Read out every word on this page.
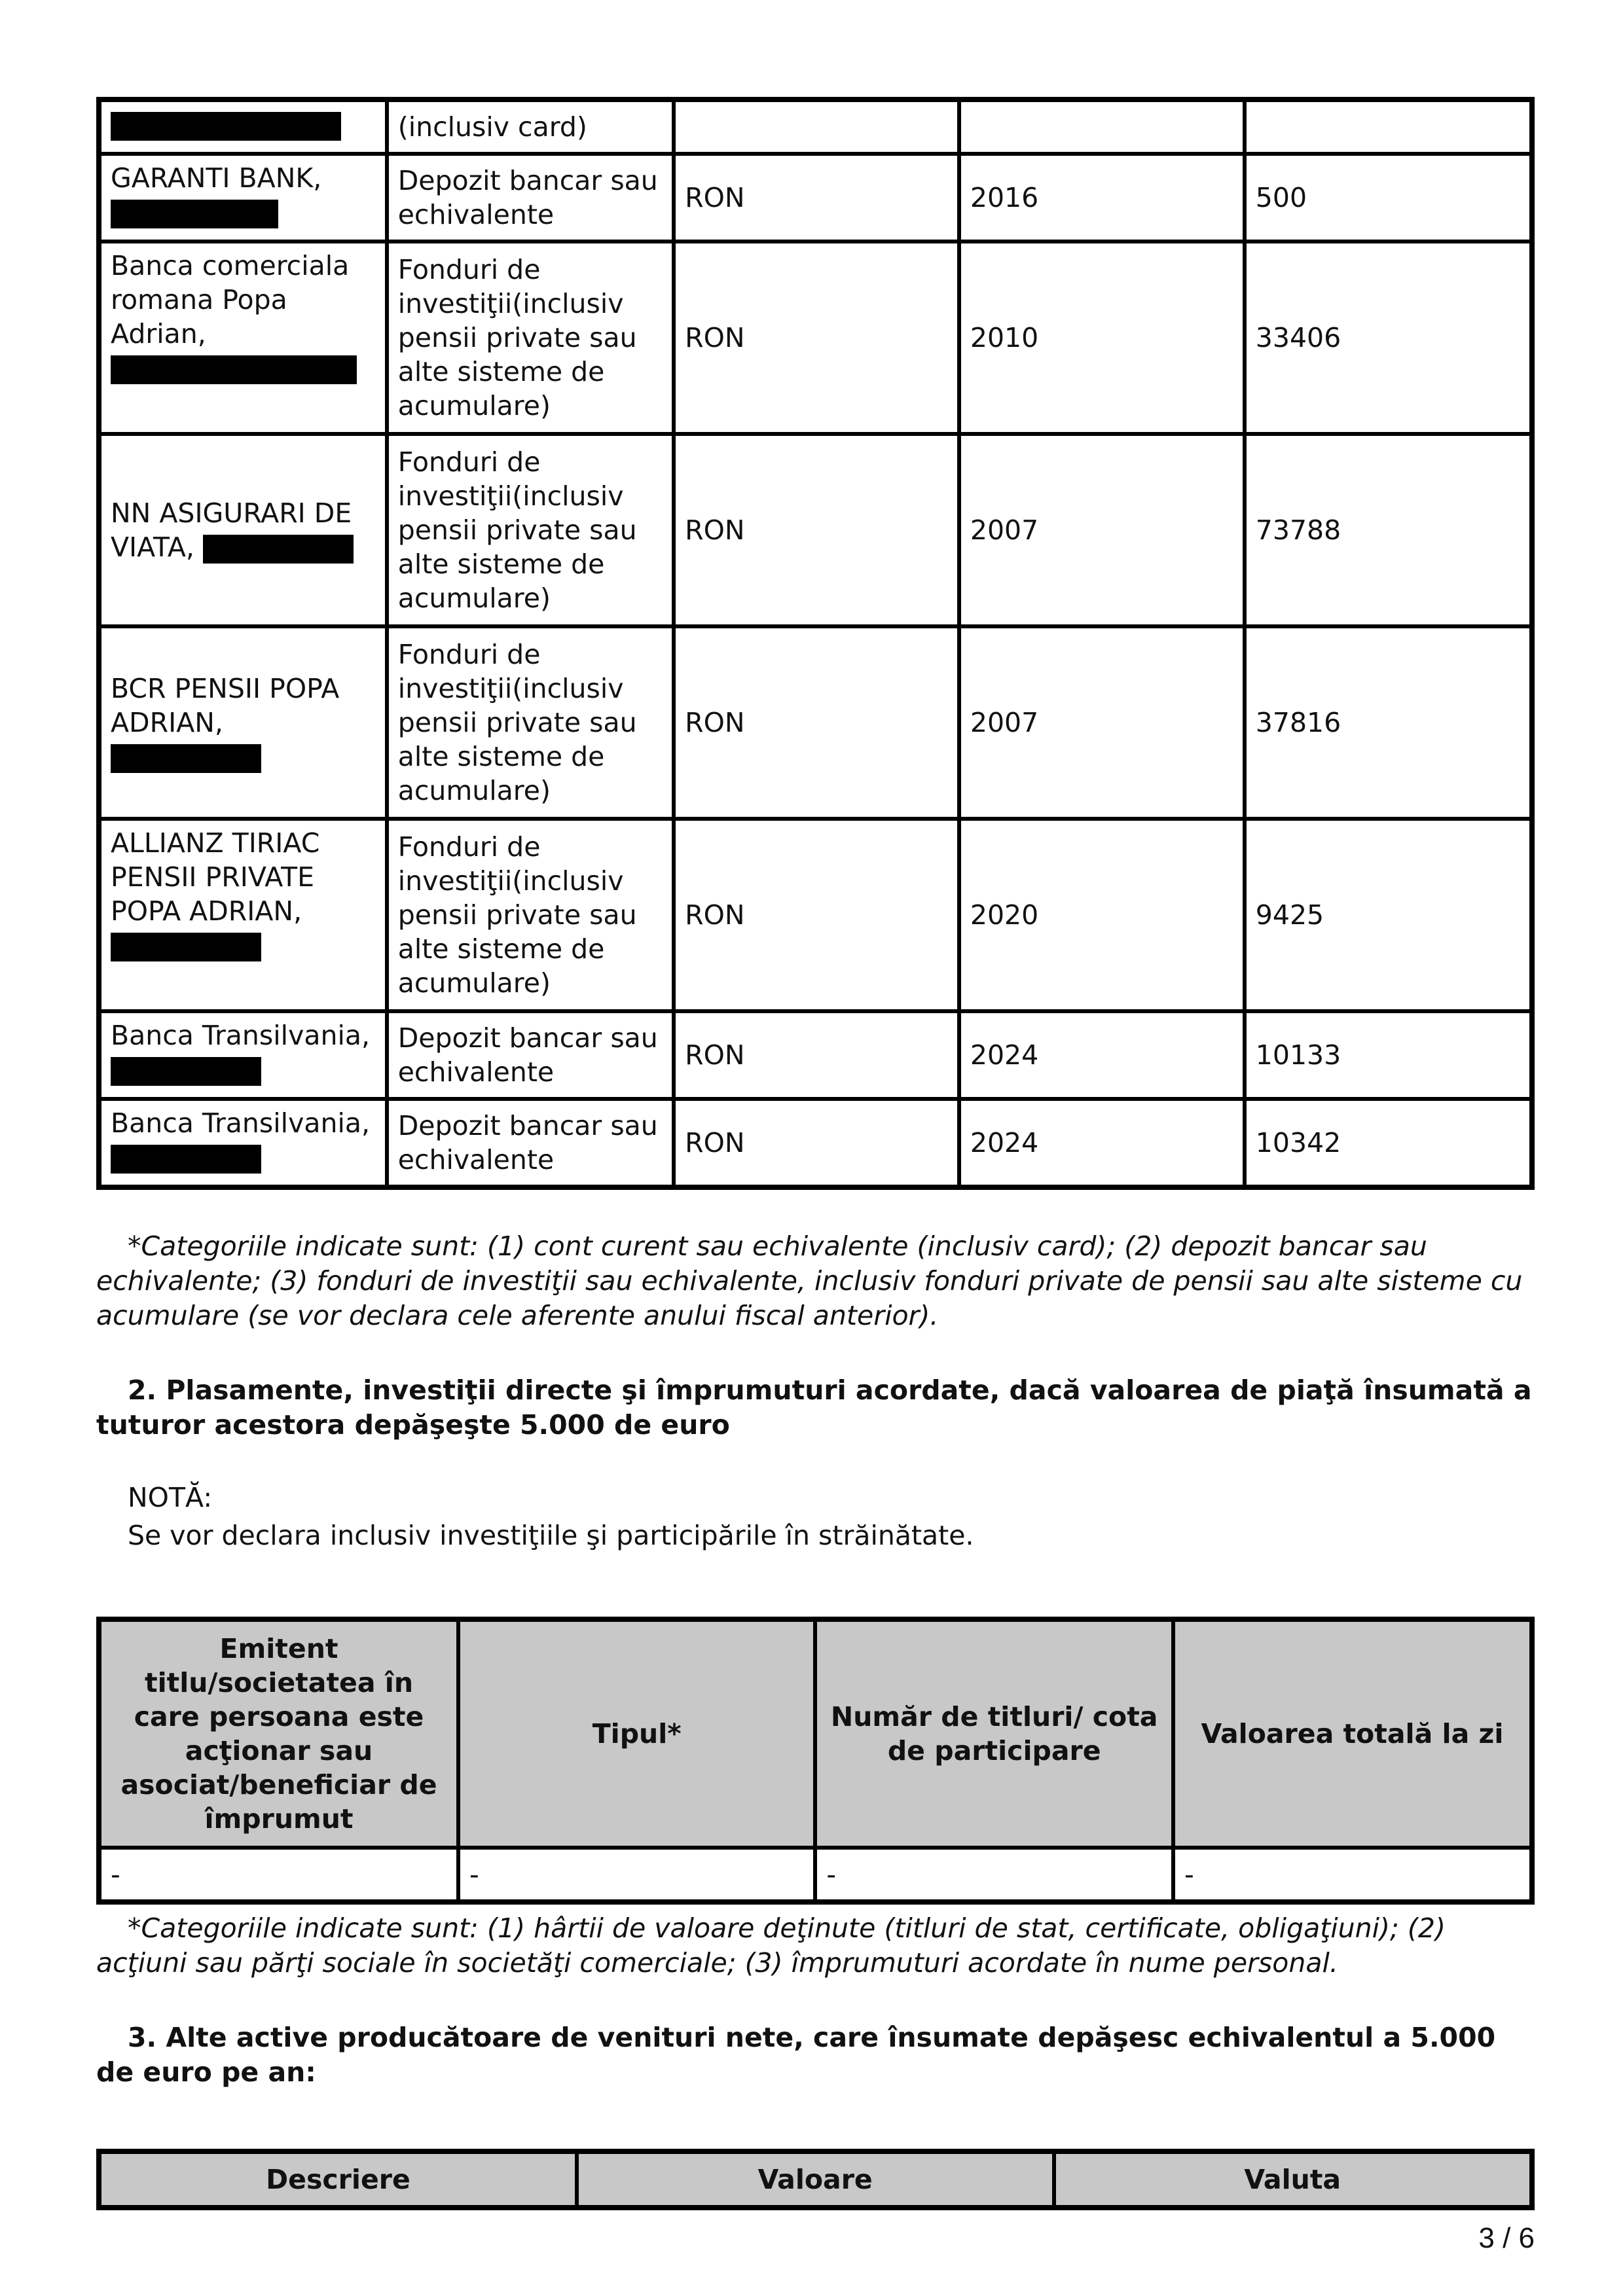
	(inclusiv card)			
GARANTI BANK,	Depozit bancar sau echivalente	RON	2016	500
Banca comerciala romana Popa Adrian,	Fonduri de investiţii(inclusiv pensii private sau alte sisteme de acumulare)	RON	2010	33406
NN ASIGURARI DE VIATA,	Fonduri de investiţii(inclusiv pensii private sau alte sisteme de acumulare)	RON	2007	73788
BCR PENSII POPA ADRIAN,	Fonduri de investiţii(inclusiv pensii private sau alte sisteme de acumulare)	RON	2007	37816
ALLIANZ TIRIAC PENSII PRIVATE POPA ADRIAN,	Fonduri de investiţii(inclusiv pensii private sau alte sisteme de acumulare)	RON	2020	9425
Banca Transilvania,	Depozit bancar sau echivalente	RON	2024	10133
Banca Transilvania,	Depozit bancar sau echivalente	RON	2024	10342
*Categoriile indicate sunt: (1) cont curent sau echivalente (inclusiv card); (2) depozit bancar sau echivalente; (3) fonduri de investiţii sau echivalente, inclusiv fonduri private de pensii sau alte sisteme cu acumulare (se vor declara cele aferente anului fiscal anterior).
2. Plasamente, investiţii directe şi împrumuturi acordate, dacă valoarea de piaţă însumată a tuturor acestora depăşeşte 5.000 de euro
NOTĂ:
Se vor declara inclusiv investiţiile şi participările în străinătate.
Emitent titlu/societatea în care persoana este acţionar sau asociat/beneficiar de împrumut	Tipul*	Număr de titluri/ cota de participare	Valoarea totală la zi
-	-	-	-
*Categoriile indicate sunt: (1) hârtii de valoare deţinute (titluri de stat, certificate, obligaţiuni); (2) acţiuni sau părţi sociale în societăţi comerciale; (3) împrumuturi acordate în nume personal.
3. Alte active producătoare de venituri nete, care însumate depăşesc echivalentul a 5.000 de euro pe an:
Descriere	Valoare	Valuta
3 / 6
